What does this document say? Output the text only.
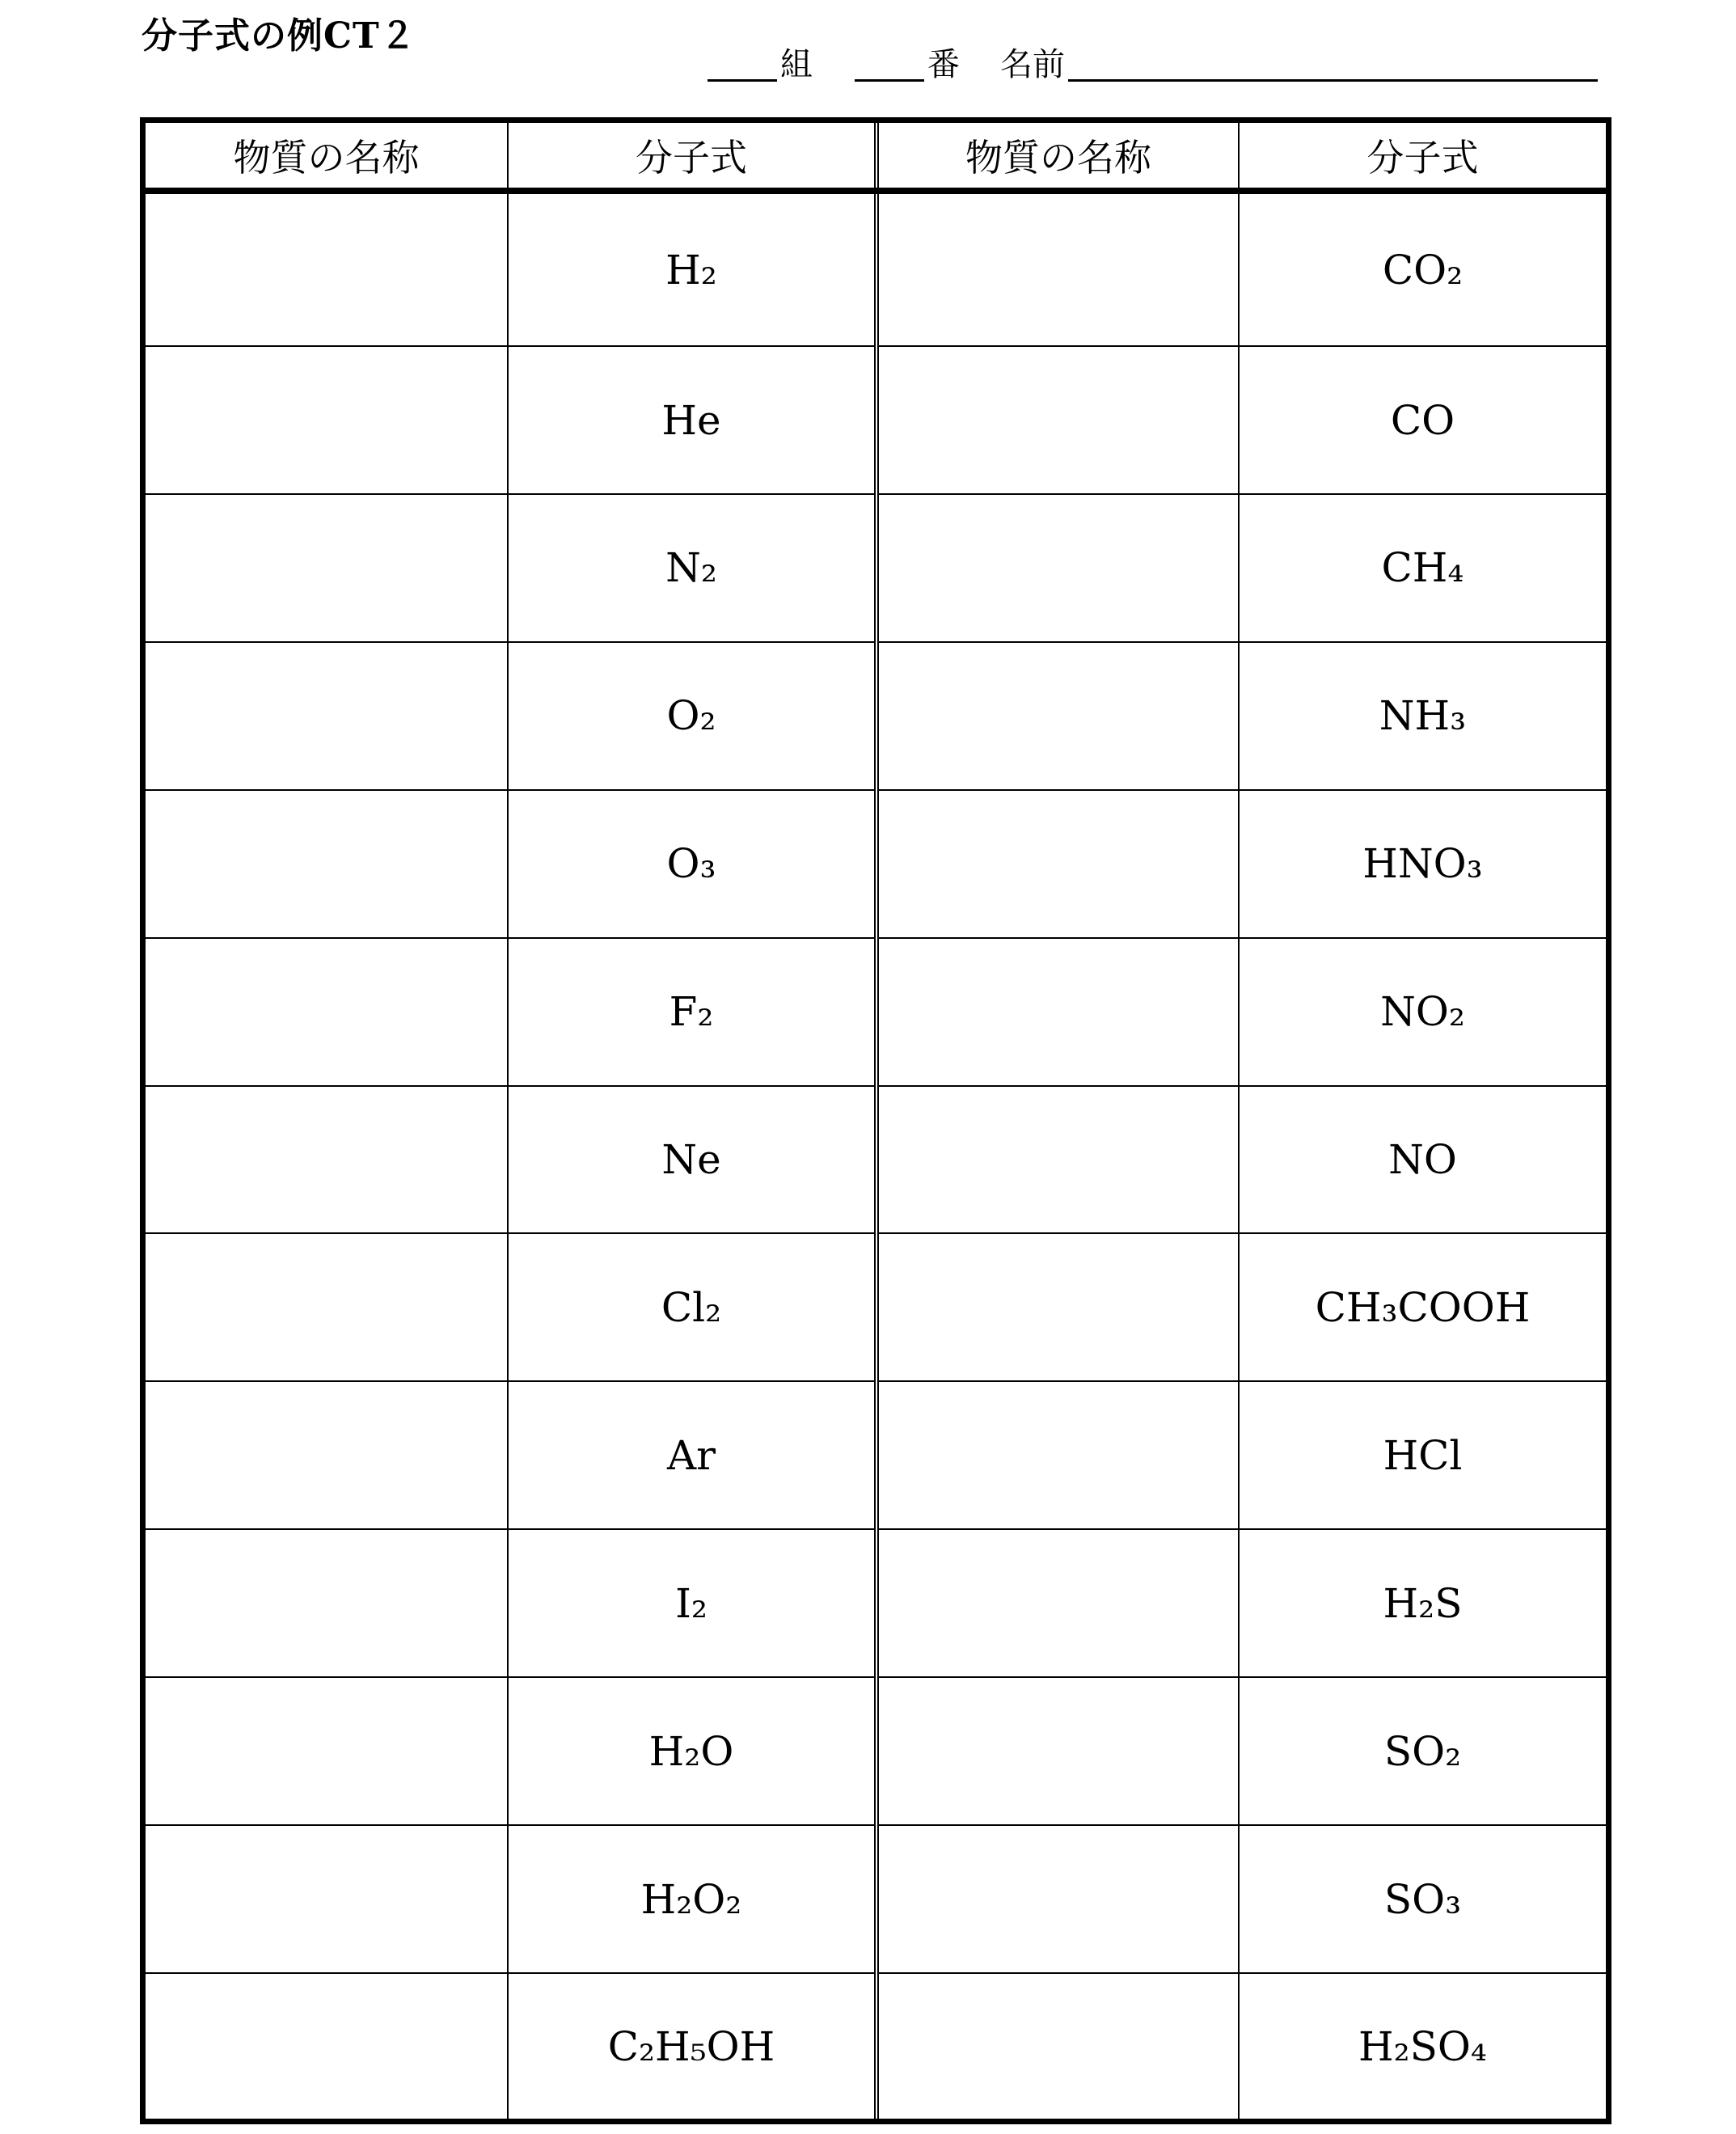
分子式の例CT２
組	番 名前
物質の名称	分子式	物質の名称	分子式
	H₂		CO₂
	He		CO
	N₂		CH₄
	O₂		NH₃
	O₃		HNO₃
	F₂		NO₂
	Ne		NO
	Cl₂		CH₃COOH
	Ar		HCl
	I₂		H₂S
	H₂O		SO₂
	H₂O₂		SO₃
	C₂H₅OH		H₂SO₄
